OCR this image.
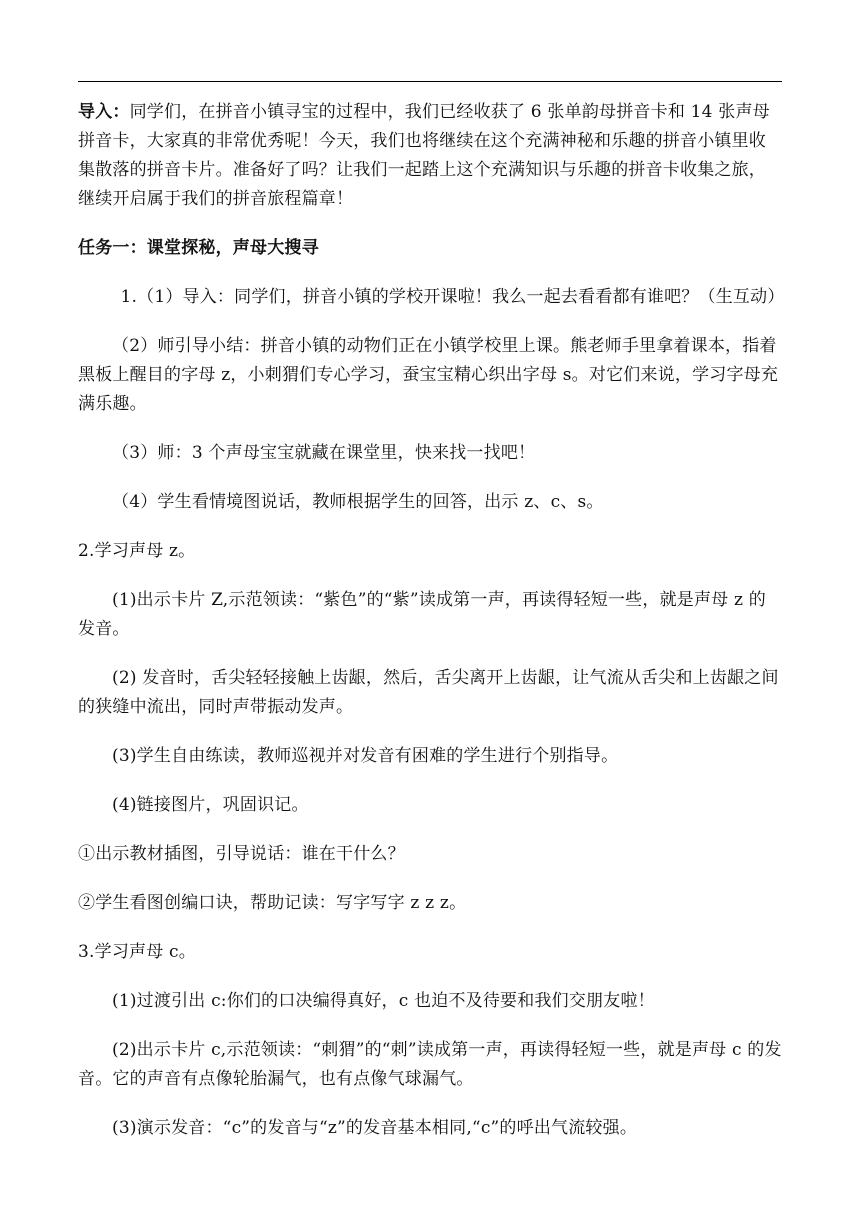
导入：同学们，在拼音小镇寻宝的过程中，我们已经收获了 6 张单韵母拼音卡和 14 张声母拼音卡，大家真的非常优秀呢！今天，我们也将继续在这个充满神秘和乐趣的拼音小镇里收集散落的拼音卡片。准备好了吗？让我们一起踏上这个充满知识与乐趣的拼音卡收集之旅，继续开启属于我们的拼音旅程篇章！

任务一：课堂探秘，声母大搜寻

1.（1）导入：同学们，拼音小镇的学校开课啦！我么一起去看看都有谁吧？（生互动）

（2）师引导小结：拼音小镇的动物们正在小镇学校里上课。熊老师手里拿着课本，指着黑板上醒目的字母 z，小刺猬们专心学习，蚕宝宝精心织出字母 s。对它们来说，学习字母充满乐趣。

（3）师：3 个声母宝宝就藏在课堂里，快来找一找吧！

（4）学生看情境图说话，教师根据学生的回答，出示 z、c、s。

2.学习声母 z。

(1)出示卡片 Z,示范领读：“紫色”的“紫”读成第一声，再读得轻短一些，就是声母 z 的发音。

(2) 发音时，舌尖轻轻接触上齿龈，然后，舌尖离开上齿龈，让气流从舌尖和上齿龈之间的狭缝中流出，同时声带振动发声。

(3)学生自由练读，教师巡视并对发音有困难的学生进行个别指导。

(4)链接图片，巩固识记。

①出示教材插图，引导说话：谁在干什么？

②学生看图创编口诀，帮助记读：写字写字 z z z。

3.学习声母 c。

(1)过渡引出 c:你们的口决编得真好，c 也迫不及待要和我们交朋友啦！

(2)出示卡片 c,示范领读：“刺猬”的“刺”读成第一声，再读得轻短一些，就是声母 c 的发音。它的声音有点像轮胎漏气，也有点像气球漏气。

(3)演示发音：“c”的发音与“z”的发音基本相同,“c”的呼出气流较强。
